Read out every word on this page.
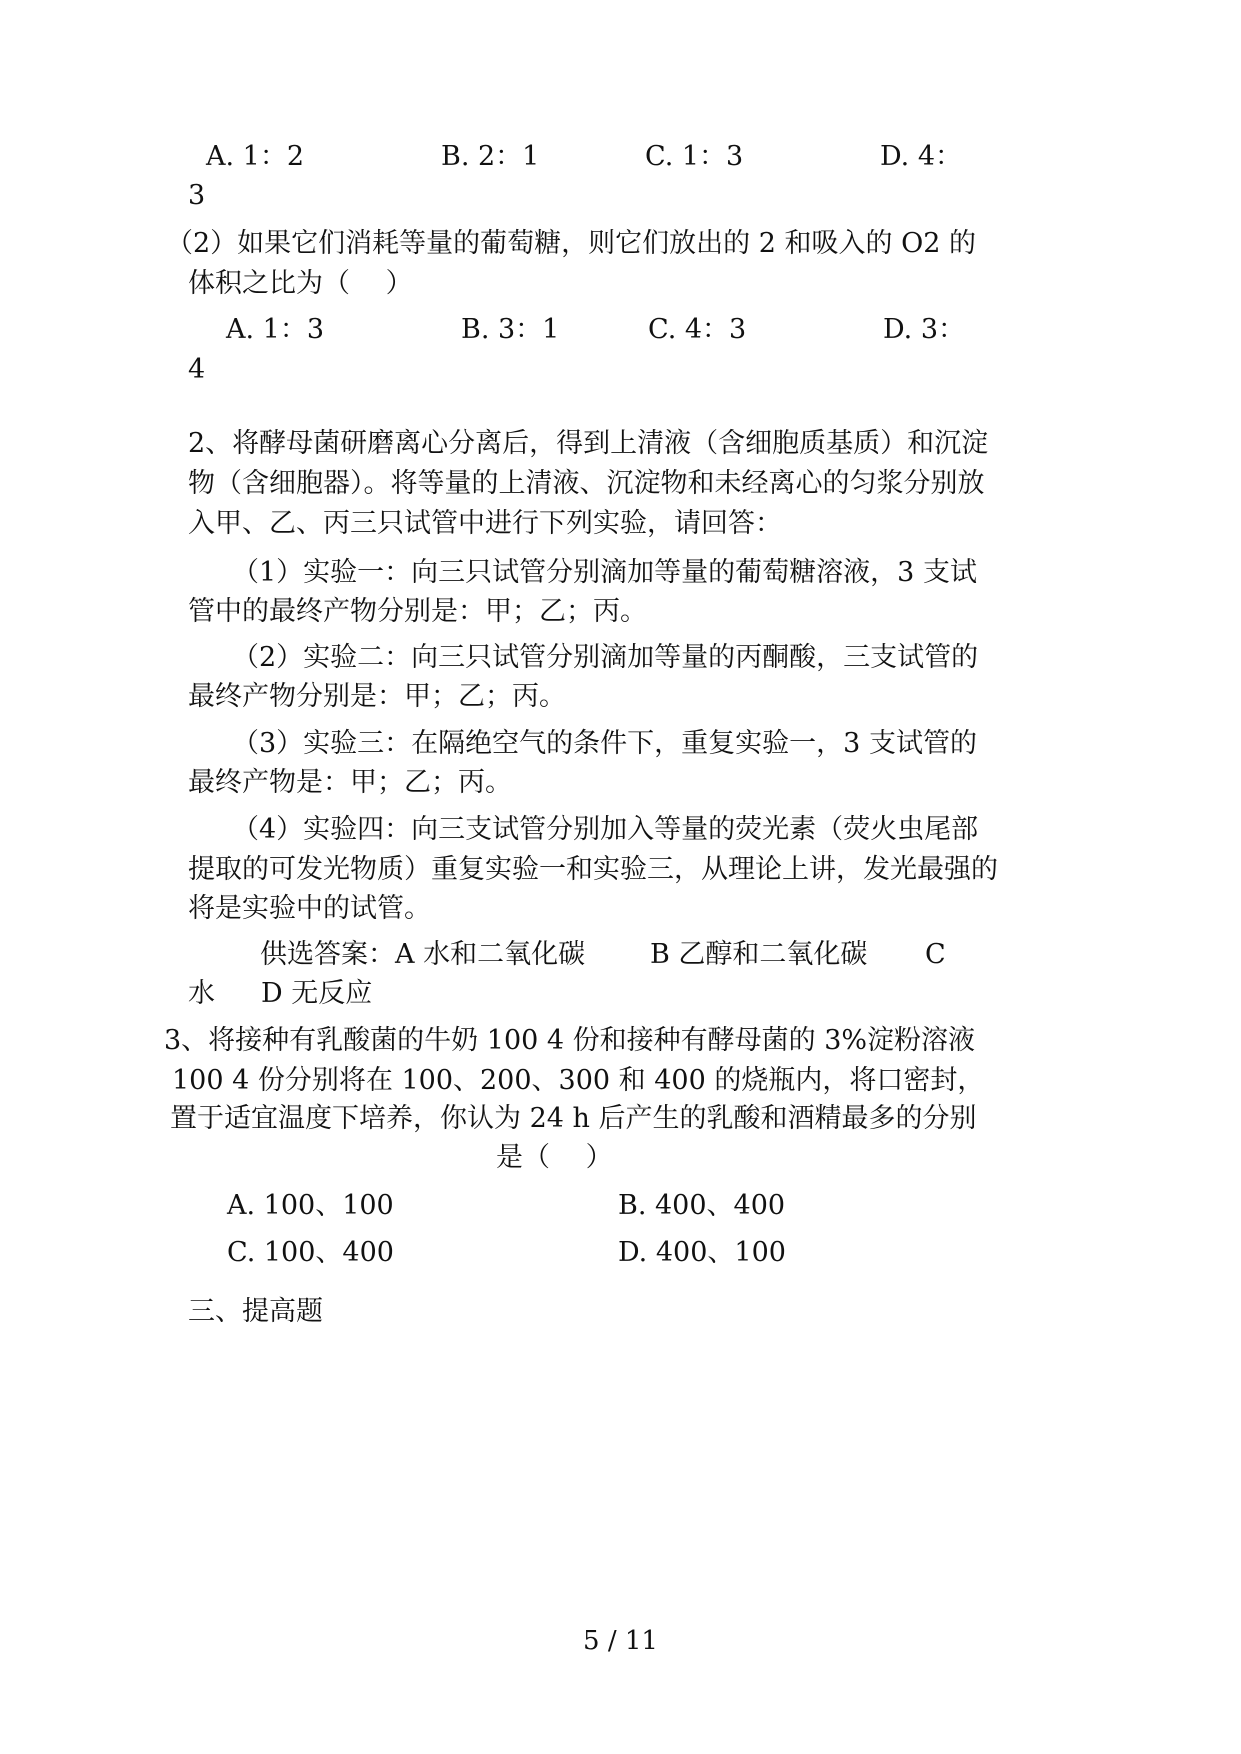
A. 1：2	B. 2：1	C. 1：3	D. 4：
3
（2）如果它们消耗等量的葡萄糖，则它们放出的 2 和吸入的 O2 的
体积之比为（　 ）
A. 1：3	B. 3：1	C. 4：3	D. 3：
4
2、将酵母菌研磨离心分离后，得到上清液（含细胞质基质）和沉淀
物（含细胞器）。将等量的上清液、沉淀物和未经离心的匀浆分别放
入甲、乙、丙三只试管中进行下列实验，请回答：
（1）实验一：向三只试管分别滴加等量的葡萄糖溶液，3 支试
管中的最终产物分别是：甲；乙；丙。
（2）实验二：向三只试管分别滴加等量的丙酮酸，三支试管的
最终产物分别是：甲；乙；丙。
（3）实验三：在隔绝空气的条件下，重复实验一，3 支试管的
最终产物是：甲；乙；丙。
（4）实验四：向三支试管分别加入等量的荧光素（荧火虫尾部
提取的可发光物质）重复实验一和实验三，从理论上讲，发光最强的
将是实验中的试管。
供选答案：A 水和二氧化碳 B 乙醇和二氧化碳 C
水 D 无反应
3、将接种有乳酸菌的牛奶 100 4 份和接种有酵母菌的 3%淀粉溶液
100 4 份分别将在 100、200、300 和 400 的烧瓶内，将口密封，
置于适宜温度下培养，你认为 24 h 后产生的乳酸和酒精最多的分别
是（　 ）
A. 100、100	B. 400、400
C. 100、400	D. 400、100
三、提高题
5 / 11
